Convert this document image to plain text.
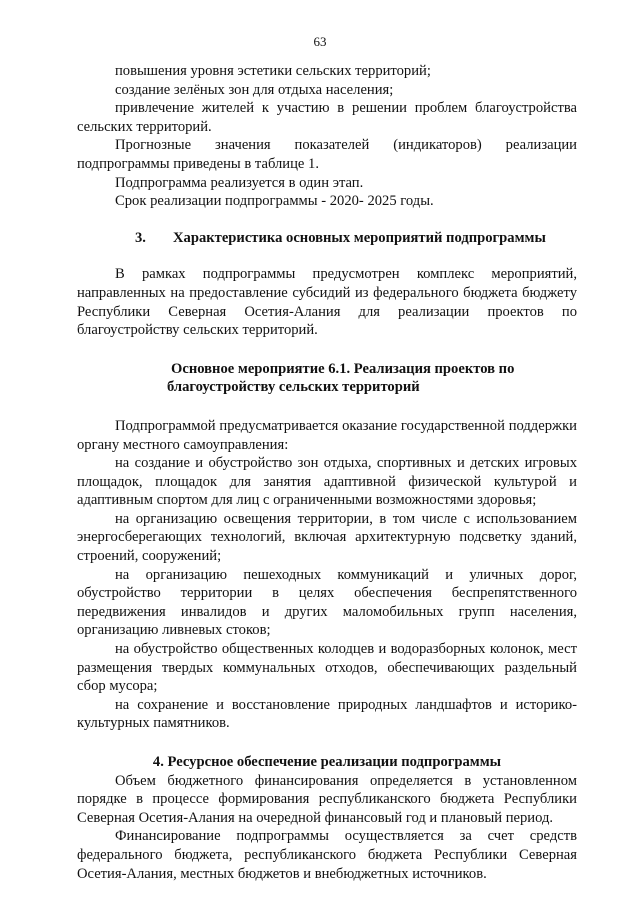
63

повышения уровня эстетики сельских территорий;

создание зелёных зон для отдыха населения;

привлечение жителей к участию в решении проблем благоустройства сельских территорий.

Прогнозные значения показателей (индикаторов) реализации подпрограммы приведены в таблице 1.

Подпрограмма реализуется в один этап.

Срок реализации подпрограммы - 2020- 2025 годы.

3. Характеристика основных мероприятий подпрограммы

В рамках подпрограммы предусмотрен комплекс мероприятий, направленных на предоставление субсидий из федерального бюджета бюджету Республики Северная Осетия-Алания для реализации проектов по благоустройству сельских территорий.

Основное мероприятие 6.1. Реализация проектов по
благоустройству сельских территорий

Подпрограммой предусматривается оказание государственной поддержки органу местного самоуправления:

на создание и обустройство зон отдыха, спортивных и детских игровых площадок, площадок для занятия адаптивной физической культурой и адаптивным спортом для лиц с ограниченными возможностями здоровья;

на организацию освещения территории, в том числе с использованием энергосберегающих технологий, включая архитектурную подсветку зданий, строений, сооружений;

на организацию пешеходных коммуникаций и уличных дорог, обустройство территории в целях обеспечения беспрепятственного передвижения инвалидов и других маломобильных групп населения, организацию ливневых стоков;

на обустройство общественных колодцев и водоразборных колонок, мест размещения твердых коммунальных отходов, обеспечивающих раздельный сбор мусора;

на сохранение и восстановление природных ландшафтов и историко-культурных памятников.

4. Ресурсное обеспечение реализации подпрограммы

Объем бюджетного финансирования определяется в установленном порядке в процессе формирования республиканского бюджета Республики Северная Осетия-Алания на очередной финансовый год и плановый период.

Финансирование подпрограммы осуществляется за счет средств федерального бюджета, республиканского бюджета Республики Северная Осетия-Алания, местных бюджетов и внебюджетных источников.
